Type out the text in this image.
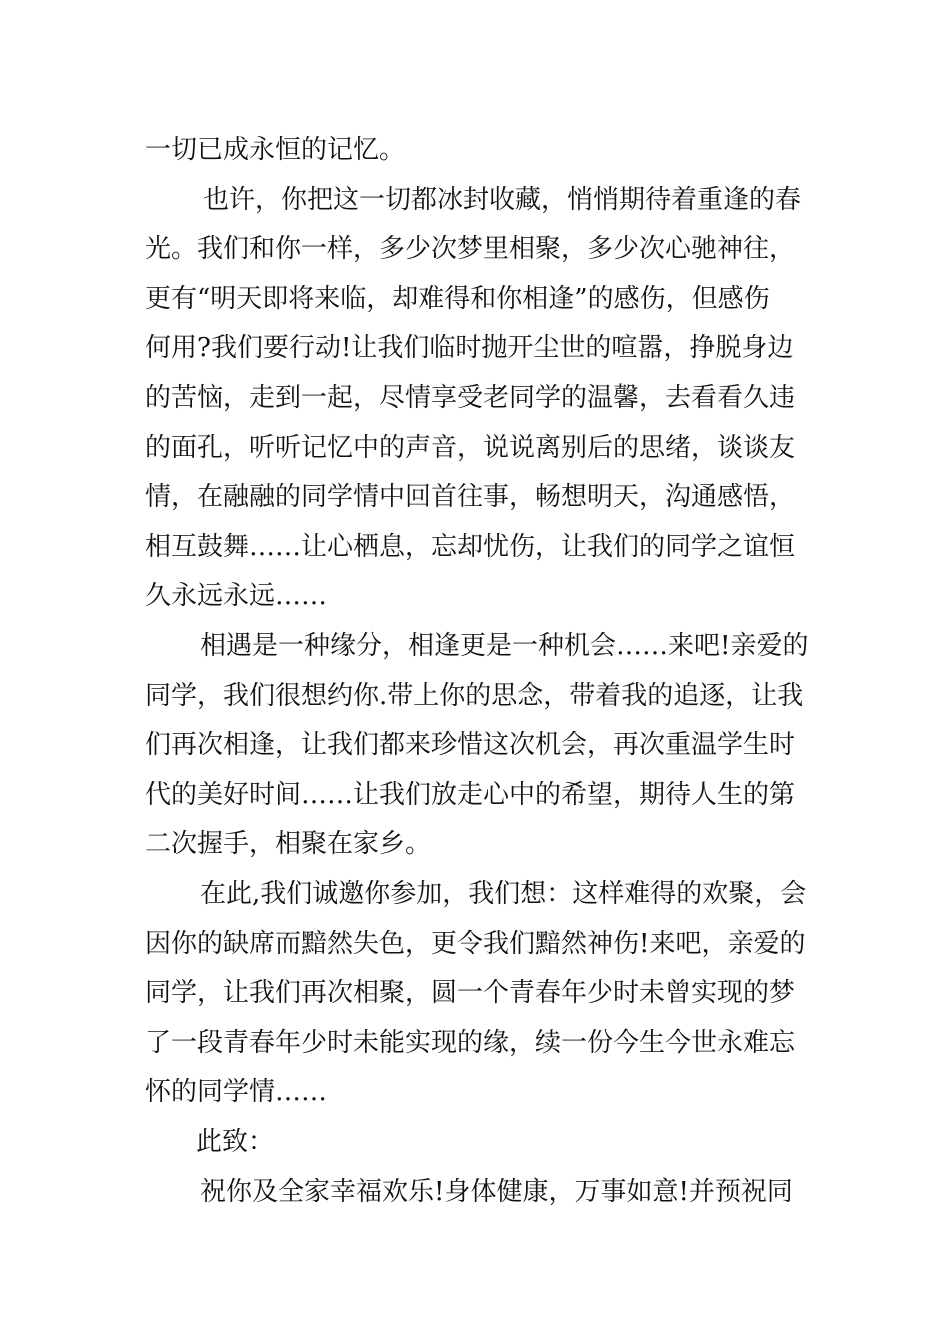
一切已成永恒的记忆。
也许，你把这一切都冰封收藏，悄悄期待着重逢的春
光。我们和你一样，多少次梦里相聚，多少次心驰神往，
更有“明天即将来临，却难得和你相逢”的感伤，但感伤
何用?我们要行动!让我们临时抛开尘世的喧嚣，挣脱身边
的苦恼，走到一起，尽情享受老同学的温馨，去看看久违
的面孔，听听记忆中的声音，说说离别后的思绪，谈谈友
情，在融融的同学情中回首往事，畅想明天，沟通感悟，
相互鼓舞……让心栖息，忘却忧伤，让我们的同学之谊恒
久永远永远……
相遇是一种缘分，相逢更是一种机会……来吧!亲爱的
同学，我们很想约你.带上你的思念，带着我的追逐，让我
们再次相逢，让我们都来珍惜这次机会，再次重温学生时
代的美好时间……让我们放走心中的希望，期待人生的第
二次握手，相聚在家乡。
在此,我们诚邀你参加，我们想：这样难得的欢聚，会
因你的缺席而黯然失色，更令我们黯然神伤!来吧，亲爱的
同学，让我们再次相聚，圆一个青春年少时未曾实现的梦
了一段青春年少时未能实现的缘，续一份今生今世永难忘
怀的同学情……
此致：
祝你及全家幸福欢乐!身体健康，万事如意!并预祝同
